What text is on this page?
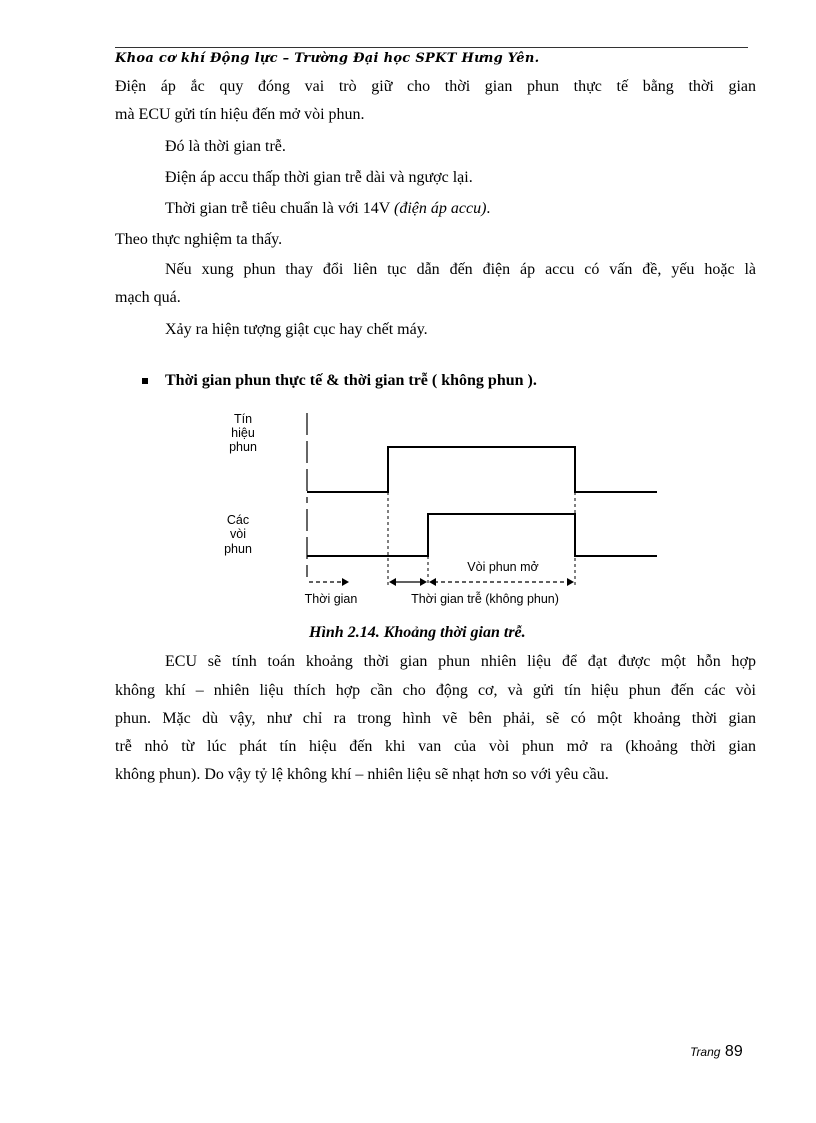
Khoa cơ khí Động lực – Trường Đại học SPKT Hưng Yên.
Điện áp ắc quy đóng vai trò giữ cho thời gian phun thực tế bằng thời gian
mà ECU gửi tín hiệu đến mở vòi phun.
Đó là thời gian trễ.
Điện áp accu thấp thời gian trễ dài và ngược lại.
Thời gian trễ tiêu chuẩn là với 14V (điện áp accu).
Theo thực nghiệm ta thấy.
Nếu xung phun thay đổi liên tục dẫn đến điện áp accu có vấn đề, yếu hoặc là
mạch quá.
Xảy ra hiện tượng giật cục hay chết máy.
Thời gian phun thực tế & thời gian trễ ( không phun ).
Tín
hiệu
phun
Các
vòi
phun
Vòi phun mở
Thời gian	Thời gian trễ (không phun)
Hình 2.14. Khoảng thời gian trễ.
ECU sẽ tính toán khoảng thời gian phun nhiên liệu để đạt được một hỗn hợp
không khí – nhiên liệu thích hợp cần cho động cơ, và gửi tín hiệu phun đến các vòi
phun. Mặc dù vậy, như chỉ ra trong hình vẽ bên phải, sẽ có một khoảng thời gian
trễ nhỏ từ lúc phát tín hiệu đến khi van của vòi phun mở ra (khoảng thời gian
không phun). Do vậy tỷ lệ không khí – nhiên liệu sẽ nhạt hơn so với yêu cầu.
Trang 89
